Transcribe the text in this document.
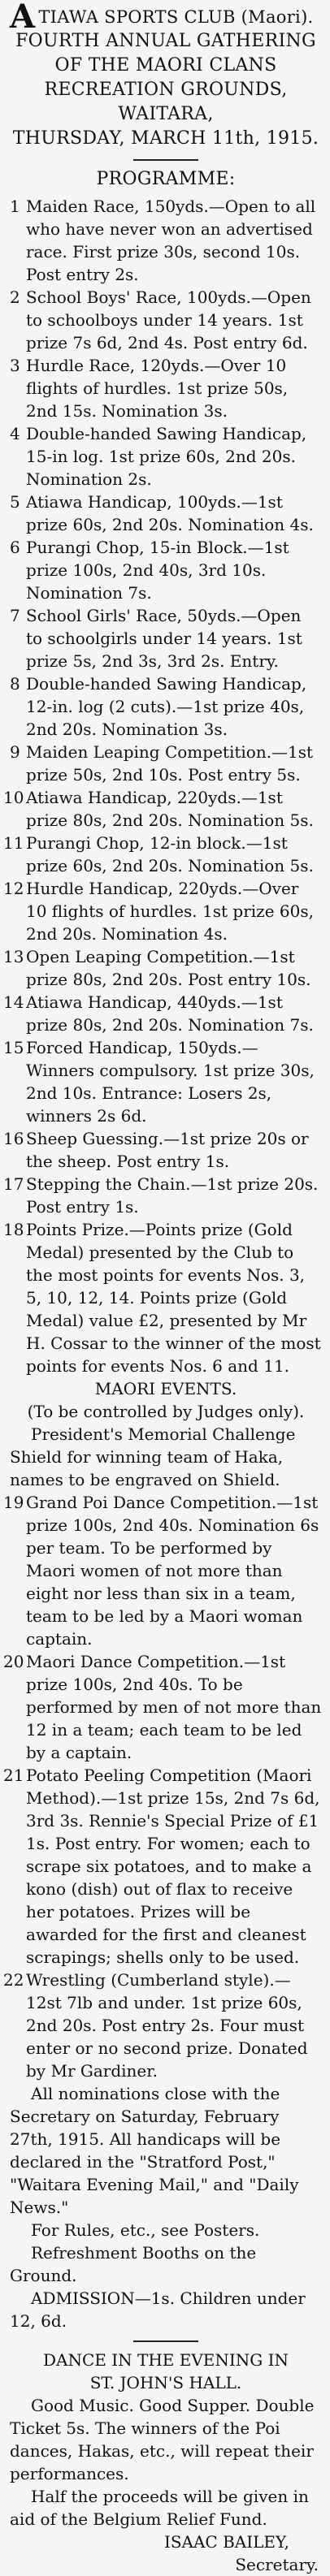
ATIAWA SPORTS CLUB (Maori).
FOURTH ANNUAL GATHERING
OF THE MAORI CLANS
RECREATION GROUNDS,
WAITARA,
THURSDAY, MARCH 11th, 1915.
PROGRAMME:
1 Maiden Race, 150yds.—Open to all who have never won an advertised race. First prize 30s, second 10s. Post entry 2s.
2 School Boys' Race, 100yds.—Open to schoolboys under 14 years. 1st prize 7s 6d, 2nd 4s. Post entry 6d.
3 Hurdle Race, 120yds.—Over 10 flights of hurdles. 1st prize 50s, 2nd 15s. Nomination 3s.
4 Double-handed Sawing Handicap, 15-in log. 1st prize 60s, 2nd 20s. Nomination 2s.
5 Atiawa Handicap, 100yds.—1st prize 60s, 2nd 20s. Nomination 4s.
6 Purangi Chop, 15-in Block.—1st prize 100s, 2nd 40s, 3rd 10s. Nomination 7s.
7 School Girls' Race, 50yds.—Open to schoolgirls under 14 years. 1st prize 5s, 2nd 3s, 3rd 2s. Entry.
8 Double-handed Sawing Handicap, 12-in. log (2 cuts).—1st prize 40s, 2nd 20s. Nomination 3s.
9 Maiden Leaping Competition.—1st prize 50s, 2nd 10s. Post entry 5s.
10 Atiawa Handicap, 220yds.—1st prize 80s, 2nd 20s. Nomination 5s.
11 Purangi Chop, 12-in block.—1st prize 60s, 2nd 20s. Nomination 5s.
12 Hurdle Handicap, 220yds.—Over 10 flights of hurdles. 1st prize 60s, 2nd 20s. Nomination 4s.
13 Open Leaping Competition.—1st prize 80s, 2nd 20s. Post entry 10s.
14 Atiawa Handicap, 440yds.—1st prize 80s, 2nd 20s. Nomination 7s.
15 Forced Handicap, 150yds.—Winners compulsory. 1st prize 30s, 2nd 10s. Entrance: Losers 2s, winners 2s 6d.
16 Sheep Guessing.—1st prize 20s or the sheep. Post entry 1s.
17 Stepping the Chain.—1st prize 20s. Post entry 1s.
18 Points Prize.—Points prize (Gold Medal) presented by the Club to the most points for events Nos. 3, 5, 10, 12, 14. Points prize (Gold Medal) value £2, presented by Mr H. Cossar to the winner of the most points for events Nos. 6 and 11.
MAORI EVENTS.
(To be controlled by Judges only).

President's Memorial Challenge Shield for winning team of Haka, names to be engraved on Shield.

19 Grand Poi Dance Competition.—1st prize 100s, 2nd 40s. Nomination 6s per team. To be performed by Maori women of not more than eight nor less than six in a team, team to be led by a Maori woman captain.
20 Maori Dance Competition.—1st prize 100s, 2nd 40s. To be performed by men of not more than 12 in a team; each team to be led by a captain.
21 Potato Peeling Competition (Maori Method).—1st prize 15s, 2nd 7s 6d, 3rd 3s. Rennie's Special Prize of £1 1s. Post entry. For women; each to scrape six potatoes, and to make a kono (dish) out of flax to receive her potatoes. Prizes will be awarded for the first and cleanest scrapings; shells only to be used.
22 Wrestling (Cumberland style).—12st 7lb and under. 1st prize 60s, 2nd 20s. Post entry 2s. Four must enter or no second prize. Donated by Mr Gardiner.

All nominations close with the Secretary on Saturday, February 27th, 1915. All handicaps will be declared in the "Stratford Post," "Waitara Evening Mail," and "Daily News."

For Rules, etc., see Posters.

Refreshment Booths on the Ground.

ADMISSION—1s. Children under 12, 6d.

DANCE IN THE EVENING IN
ST. JOHN'S HALL.

Good Music. Good Supper. Double Ticket 5s. The winners of the Poi dances, Hakas, etc., will repeat their performances.

Half the proceeds will be given in aid of the Belgium Relief Fund.

ISAAC BAILEY,
Secretary.
